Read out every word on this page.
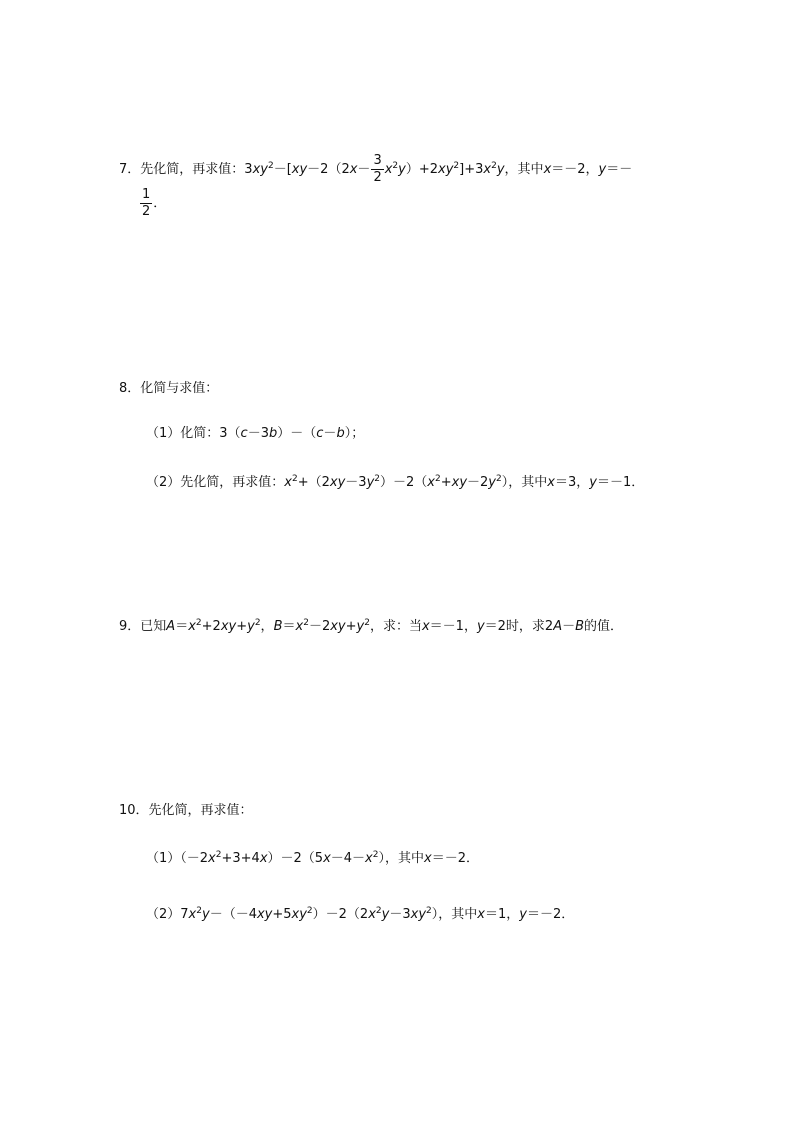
7．先化简，再求值：$3xy^2-[xy-2(2x- \frac{3}{2} x^2y)+2xy^2]+3x^2y$，其中x＝－2，y＝－
$\frac{1}{2}$ ．
8．化简与求值：
（1）化简：3（c－3b）－（c－b）；
（2）先化简，再求值：$x^2+(2xy-3y^2)-2(x^2+xy-2y^2)$，其中x＝3，y＝－1．
9．已知$A=x^2+2xy+y^2$，$B=x^2-2xy+y^2$，求：当x＝－1，y＝2时，求2A－B的值．
10．先化简，再求值：
$(1)(-2x^2+3+4x)-2(5x-4-x^2)$，其中x＝－2．
$(2)7x^2y-(-4xy+5xy^2)-2(2x^2y-3xy^2)$，其中x＝1，y＝－2．
